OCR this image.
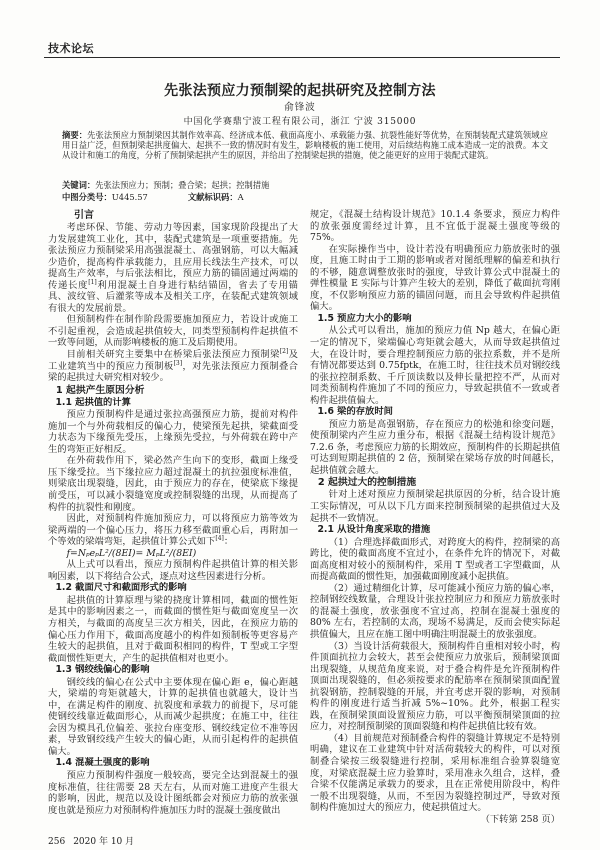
技术论坛
先张法预应力预制梁的起拱研究及控制方法
俞锋波
中国化学赛鼎宁波工程有限公司，浙江 宁波 315000

摘要：先张法预应力预制梁因其制作效率高、经济成本低、截面高度小、承载能力强、抗裂性能好等优势，在预制装配式建筑领域应用日益广泛，但预制梁起拱度偏大、起拱不一致的情况时有发生，影响楼板的施工使用，对后续结构施工成本造成一定的浪费。本文从设计和施工的角度，分析了预制梁起拱产生的原因，并给出了控制梁起拱的措施，使之能更好的应用于装配式建筑。

关键词：先张法预应力；预制；叠合梁；起拱；控制措施

中图分类号：U445.57	文献标识码：A

引言

考虑环保、节能、劳动力等因素，国家现阶段提出了大力发展建筑工业化，其中，装配式建筑是一项重要措施。先张法预应力预制梁采用高强混凝土、高强钢筋，可以大幅减少造价，提高构件承载能力，且应用长线法生产技术，可以提高生产效率，与后张法相比，预应力筋的锚固通过两端的传递长度[1]利用混凝土自身进行粘结锚固，省去了专用锚具、波纹管、后灌浆等成本及相关工序，在装配式建筑领域有很大的发展前景。

但预制构件在制作阶段需要施加预应力，若设计或施工不引起重视，会造成起拱值较大，同类型预制构件起拱值不一致等问题，从而影响楼板的施工及后期使用。

目前相关研究主要集中在桥梁后张法预应力预制梁[2]及工业建筑当中的预应力预制板[3]，对先张法预应力预制叠合梁的起拱过大研究相对较少。

1 起拱产生原因分析
1.1 起拱值的计算

预应力预制构件是通过张拉高强预应力筋，提前对构件施加一个与外荷载相反的偏心力，使梁预先起拱，梁截面受力状态为下缘预先受压，上缘预先受拉，与外荷载在跨中产生的弯矩正好相反。

在外荷载作用下，梁必然产生向下的变形，截面上缘受压下缘受拉。当下缘拉应力超过混凝土的抗拉强度标准值，则梁底出现裂缝，因此，由于预应力的存在，使梁底下缘提前受压，可以减小裂缝宽度或控制裂缝的出现，从而提高了构件的抗裂性和刚度。

因此，对预制构件施加预应力，可以将预应力筋等效为梁两端的一个偏心压力，将压力移至截面重心后，再附加一个等效的梁端弯矩，起拱值计算公式如下[4]：

f=NₚeₚL²/(8EI)= MₚL²/(8EI)

从上式可以看出，预应力预制构件起拱值计算的相关影响因素，以下将结合公式，逐点对这些因素进行分析。

1.2 截面尺寸和截面形式的影响

起拱值的计算原理与梁的挠度计算相同，截面的惯性矩是其中的影响因素之一，而截面的惯性矩与截面宽度呈一次方相关，与截面的高度呈三次方相关，因此，在预应力筋的偏心压力作用下，截面高度越小的构件如预制板等更容易产生较大的起拱值，且对于截面积相同的构件，T 型或工字型截面惯性矩更大，产生的起拱值相对也更小。

1.3 钢绞线偏心的影响

钢绞线的偏心在公式中主要体现在偏心距 e，偏心距越大，梁端的弯矩就越大，计算的起拱值也就越大，设计当中，在满足构件的刚度、抗裂度和承载力的前提下，尽可能使钢绞线靠近截面形心，从而减少起拱度；在施工中，往往会因为模具孔位偏差、张拉台座变形、钢绞线定位不准等因素，导致钢绞线产生较大的偏心距，从而引起构件的起拱值偏大。

1.4 混凝土强度的影响

预应力预制构件强度一般较高，要完全达到混凝土的强度标准值，往往需要 28 天左右，从而对施工进度产生很大的影响，因此，规范以及设计图纸都会对预应力筋的放张强度也就是预应力对预制构件施加压力时的混凝土强度做出

规定，《混凝土结构设计规范》10.1.4 条要求，预应力构件的放张强度需经过计算，且不宜低于混凝土强度等级的 75%。

在实际操作当中，设计若没有明确预应力筋放张时的强度，且施工时由于工期的影响或者对图纸理解的偏差和执行的不够，随意调整放张时的强度，导致计算公式中混凝土的弹性模量 E 实际与计算产生较大的差别，降低了截面抗弯刚度，不仅影响预应力筋的锚固问题，而且会导致构件起拱值偏大。

1.5 预应力大小的影响

从公式可以看出，施加的预应力值 Np 越大，在偏心距一定的情况下，梁端偏心弯矩就会越大，从而导致起拱值过大，在设计时，要合理控制预应力筋的张拉系数，并不是所有情况都要达到 0.75fptk，在施工时，往往技术员对钢绞线的张拉控制系数、千斤顶读数以及伸长量把控不严，从而对同类预制构件施加了不同的预应力，导致起拱值不一致或者构件起拱值偏大。

1.6 梁的存放时间

预应力筋是高强钢筋，存在预应力的松弛和徐变问题，使预制梁内产生应力重分布，根据《混凝土结构设计规范》7.2.6 条，考虑预应力筋的长期效应，预制构件的长期起拱值可达到短期起拱值的 2 倍，预制梁在梁场存放的时间越长，起拱值就会越大。

2 起拱过大的控制措施

针对上述对预应力预制梁起拱原因的分析，结合设计施工实际情况，可从以下几方面来控制预制梁的起拱值过大及起拱不一致情况。

2.1 从设计角度采取的措施

（1）合理选择截面形式，对跨度大的构件，控制梁的高跨比，使的截面高度不宜过小，在条件允许的情况下，对截面高度相对较小的预制构件，采用 T 型或者工字型截面，从而提高截面的惯性矩，加强截面刚度减小起拱值。

（2）通过精细化计算，尽可能减小预应力筋的偏心率，控制钢绞线数量，合理设计张拉控制应力和预应力筋放张时的混凝土强度，放张强度不宜过高，控制在混凝土强度的 80% 左右，若控制的太高，现场不易满足，反而会使实际起拱值偏大，且应在施工图中明确注明混凝土的放张强度。

（3）当设计活荷载很大，预制构件自重相对较小时，构件顶面抗拉力会较大，甚至会使预应力放张后，预制梁顶面出现裂缝，从规范角度来说，对于叠合构件是允许预制构件顶面出现裂缝的，但必须按要求的配筋率在预制梁顶面配置抗裂钢筋，控制裂缝的开展，并宜考虑开裂的影响，对预制构件的刚度进行适当折减 5%~10%。此外，根据工程实践，在预制梁顶面设置预应力筋，可以平衡预制梁顶面的拉应力，对控制预制梁的顶面裂缝和构件起拱值比较有效。

（4）目前规范对预制叠合构件的裂缝计算规定不是特别明确，建议在工业建筑中针对活荷载较大的构件，可以对预制叠合梁按三级裂缝进行控制，采用标准组合验算裂缝宽度，对梁底混凝土应力验算时，采用准永久组合，这样，叠合梁不仅能满足承载力的要求，且在正常使用阶段中，构件一般不出现裂缝，从而，不至因为裂缝控制过严，导致对预制构件施加过大的预应力，使起拱值过大。

（下转第 258 页）

256 2020 年 10 月
